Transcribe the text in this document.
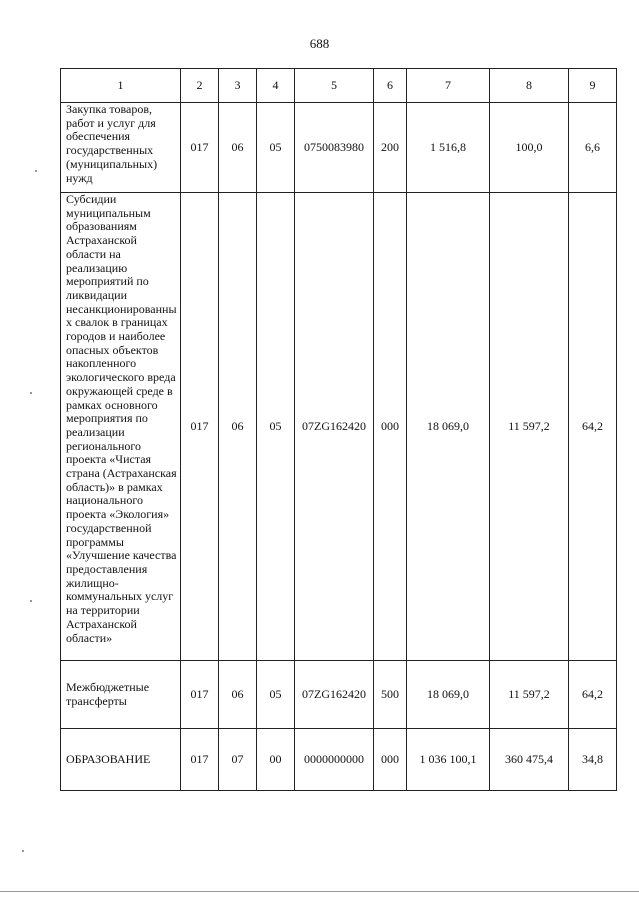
688
1	2	3	4	5	6	7	8	9
Закупка товаров, работ и услуг для обеспечения государственных (муниципальных) нужд	017	06	05	0750083980	200	1 516,8	100,0	6,6
Субсидии муниципальным образованиям Астраханской области на реализацию мероприятий по ликвидации несанкционированных свалок в границах городов и наиболее опасных объектов накопленного экологического вреда окружающей среде в рамках основного мероприятия по реализации регионального проекта «Чистая страна (Астраханская область)» в рамках национального проекта «Экология» государственной программы «Улучшение качества предоставления жилищно-коммунальных услуг на территории Астраханской области»	017	06	05	07ZG162420	000	18 069,0	11 597,2	64,2
Межбюджетные трансферты	017	06	05	07ZG162420	500	18 069,0	11 597,2	64,2
ОБРАЗОВАНИЕ	017	07	00	0000000000	000	1 036 100,1	360 475,4	34,8
